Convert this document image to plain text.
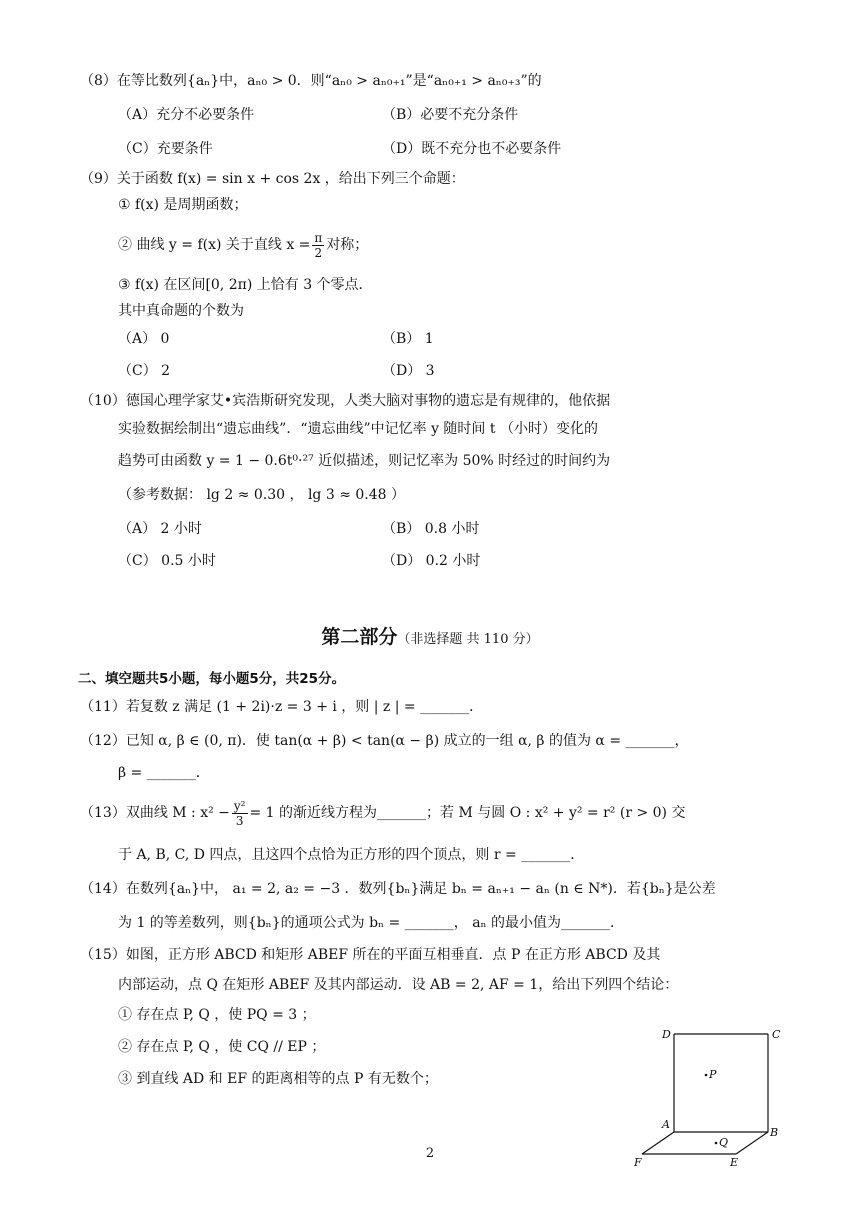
（8）在等比数列{aₙ}中，aₙ₀ > 0．则“aₙ₀ > aₙ₀₊₁”是“aₙ₀₊₁ > aₙ₀₊₃”的
（A）充分不必要条件	（B）必要不充分条件
（C）充要条件	（D）既不充分也不必要条件
（9）关于函数 f(x) = sin x + cos 2x ，给出下列三个命题：
① f(x) 是周期函数；
② 曲线 y = f(x) 关于直线 $x = \frac{\pi}{2}$ 对称；
③ f(x) 在区间[0, 2π) 上恰有 3 个零点．
其中真命题的个数为
（A） 0	（B） 1
（C） 2	（D） 3
（10）德国心理学家艾•宾浩斯研究发现，人类大脑对事物的遗忘是有规律的，他依据
实验数据绘制出“遗忘曲线”．“遗忘曲线”中记忆率 y 随时间 t （小时）变化的
趋势可由函数 y = 1 − 0.6t⁰·²⁷ 近似描述，则记忆率为 50% 时经过的时间约为
（参考数据： lg 2 ≈ 0.30 ， lg 3 ≈ 0.48 ）
（A） 2 小时	（B） 0.8 小时
（C） 0.5 小时	（D） 0.2 小时
第二部分（非选择题 共 110 分）
二、填空题共5小题，每小题5分，共25分。
（11）若复数 z 满足 (1 + 2i)·z = 3 + i ，则 | z | = _______．
（12）已知 α, β ∈ (0, π)．使 tan(α + β) < tan(α − β) 成立的一组 α, β 的值为 α = _______，
β = _______．
（13）双曲线 M : $x^2 - \frac{\text{y²}}{3} = 1$ 的渐近线方程为_______；若 M 与圆 O : x² + y² = r² (r > 0) 交
于 A, B, C, D 四点，且这四个点恰为正方形的四个顶点，则 r = _______．
（14）在数列{aₙ}中， a₁ = 2, a₂ = −3 ．数列{bₙ}满足 bₙ = aₙ₊₁ − aₙ (n ∈ N*)．若{bₙ}是公差
为 1 的等差数列，则{bₙ}的通项公式为 bₙ = _______， aₙ 的最小值为_______．
（15）如图，正方形 ABCD 和矩形 ABEF 所在的平面互相垂直．点 P 在正方形 ABCD 及其
内部运动，点 Q 在矩形 ABEF 及其内部运动．设 AB = 2, AF = 1，给出下列四个结论：
① 存在点 P, Q ，使 PQ = 3 ；
② 存在点 P, Q ，使 CQ // EP ；
③ 到直线 AD 和 EF 的距离相等的点 P 有无数个；
D	C
P
A
B
Q
F	E
2
